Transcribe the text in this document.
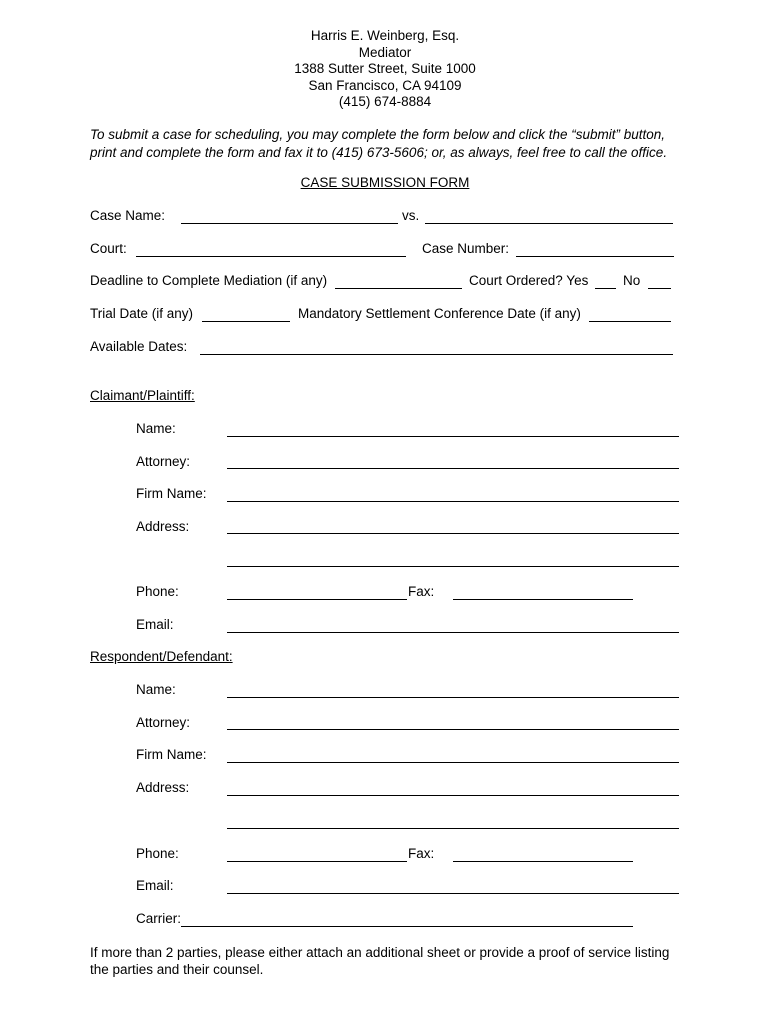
Harris E. Weinberg, Esq.
Mediator
1388 Sutter Street, Suite 1000
San Francisco, CA 94109
(415) 674-8884
To submit a case for scheduling, you may complete the form below and click the “submit” button,
print and complete the form and fax it to (415) 673-5606; or, as always, feel free to call the office.
CASE SUBMISSION FORM
Case Name:	vs.
Court:	Case Number:
Deadline to Complete Mediation (if any)	Court Ordered? Yes	No
Trial Date (if any)	Mandatory Settlement Conference Date (if any)
Available Dates:
Claimant/Plaintiff:
Name:
Attorney:
Firm Name:
Address:
Phone:	Fax:
Email:
Respondent/Defendant:
Name:
Attorney:
Firm Name:
Address:
Phone:	Fax:
Email:
Carrier:
If more than 2 parties, please either attach an additional sheet or provide a proof of service listing
the parties and their counsel.
